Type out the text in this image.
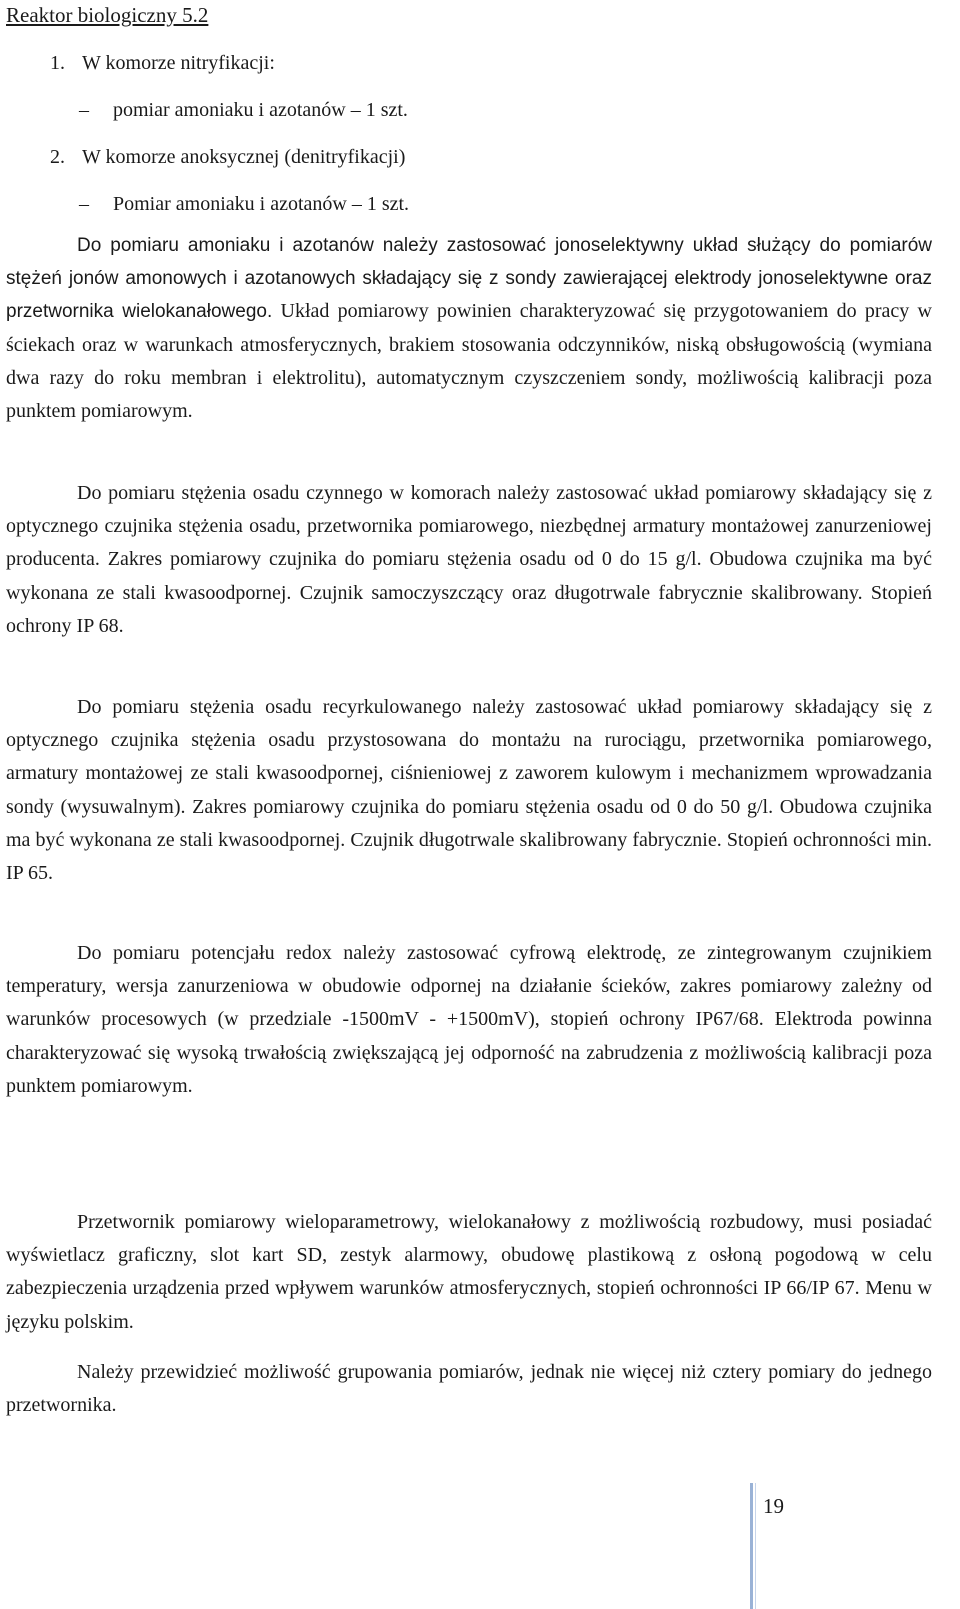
Reaktor biologiczny 5.2

1. W komorze nitryfikacji:

– pomiar amoniaku i azotanów – 1 szt.

2. W komorze anoksycznej (denitryfikacji)

– Pomiar amoniaku i azotanów – 1 szt.

Do pomiaru amoniaku i azotanów należy zastosować jonoselektywny układ służący do pomiarów stężeń jonów amonowych i azotanowych składający się z sondy zawierającej elektrody jonoselektywne oraz przetwornika wielokanałowego. Układ pomiarowy powinien charakteryzować się przygotowaniem do pracy w ściekach oraz w warunkach atmosferycznych, brakiem stosowania odczynników, niską obsługowością (wymiana dwa razy do roku membran i elektrolitu), automatycznym czyszczeniem sondy, możliwością kalibracji poza punktem pomiarowym.

Do pomiaru stężenia osadu czynnego w komorach należy zastosować układ pomiarowy składający się z optycznego czujnika stężenia osadu, przetwornika pomiarowego, niezbędnej armatury montażowej zanurzeniowej producenta. Zakres pomiarowy czujnika do pomiaru stężenia osadu od 0 do 15 g/l. Obudowa czujnika ma być wykonana ze stali kwasoodpornej. Czujnik samoczyszczący oraz długotrwale fabrycznie skalibrowany. Stopień ochrony IP 68.

Do pomiaru stężenia osadu recyrkulowanego należy zastosować układ pomiarowy składający się z optycznego czujnika stężenia osadu przystosowana do montażu na rurociągu, przetwornika pomiarowego, armatury montażowej ze stali kwasoodpornej, ciśnieniowej z zaworem kulowym i mechanizmem wprowadzania sondy (wysuwalnym). Zakres pomiarowy czujnika do pomiaru stężenia osadu od 0 do 50 g/l. Obudowa czujnika ma być wykonana ze stali kwasoodpornej. Czujnik długotrwale skalibrowany fabrycznie. Stopień ochronności min. IP 65.

Do pomiaru potencjału redox należy zastosować cyfrową elektrodę, ze zintegrowanym czujnikiem temperatury, wersja zanurzeniowa w obudowie odpornej na działanie ścieków, zakres pomiarowy zależny od warunków procesowych (w przedziale -1500mV - +1500mV), stopień ochrony IP67/68. Elektroda powinna charakteryzować się wysoką trwałością zwiększającą jej odporność na zabrudzenia z możliwością kalibracji poza punktem pomiarowym.

Przetwornik pomiarowy wieloparametrowy, wielokanałowy z możliwością rozbudowy, musi posiadać wyświetlacz graficzny, slot kart SD, zestyk alarmowy, obudowę plastikową z osłoną pogodową w celu zabezpieczenia urządzenia przed wpływem warunków atmosferycznych, stopień ochronności IP 66/IP 67. Menu w języku polskim.

Należy przewidzieć możliwość grupowania pomiarów, jednak nie więcej niż cztery pomiary do jednego przetwornika.

19
